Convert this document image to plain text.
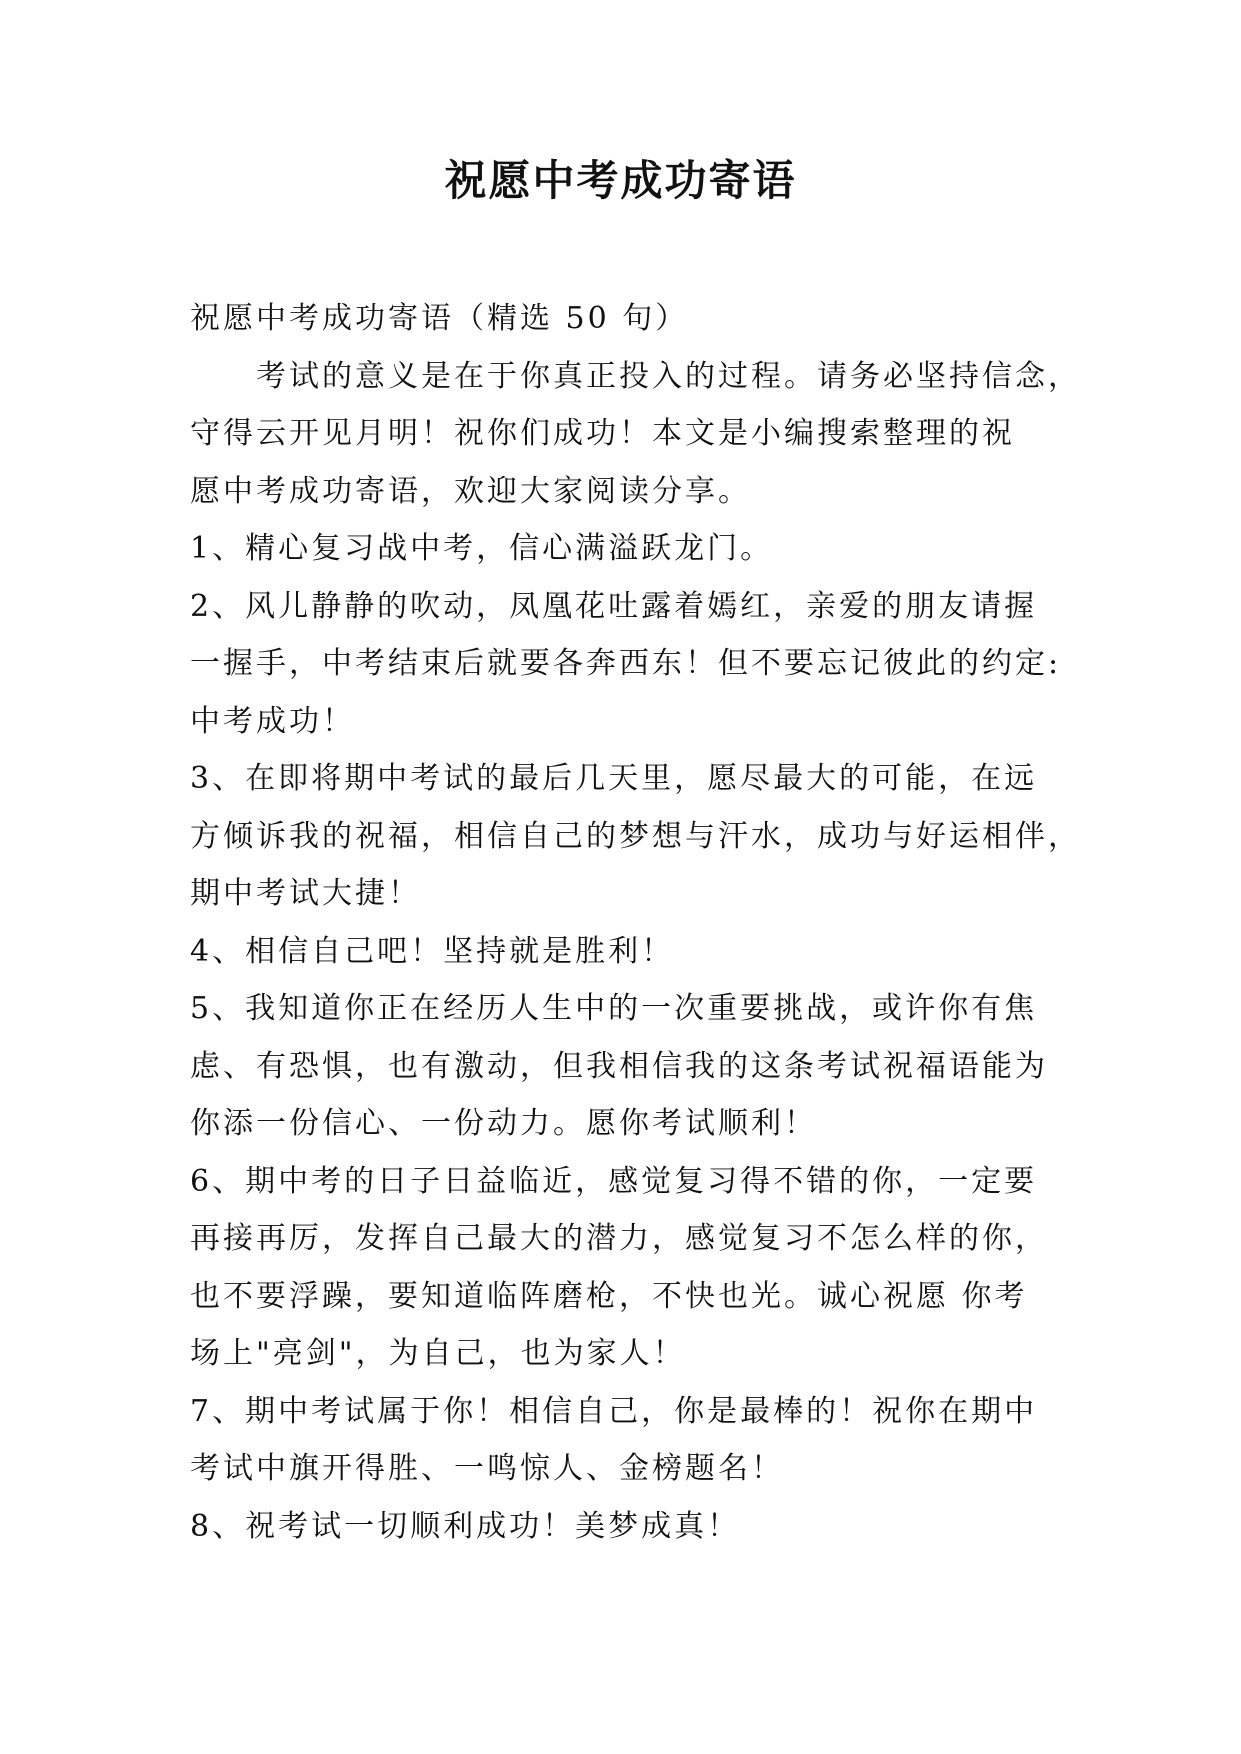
祝愿中考成功寄语

祝愿中考成功寄语（精选 50 句）

考试的意义是在于你真正投入的过程。请务必坚持信念，

守得云开见月明！祝你们成功！本文是小编搜索整理的祝

愿中考成功寄语，欢迎大家阅读分享。

1、精心复习战中考，信心满溢跃龙门。

2、风儿静静的吹动，凤凰花吐露着嫣红，亲爱的朋友请握

一握手，中考结束后就要各奔西东！但不要忘记彼此的约定:

中考成功！

3、在即将期中考试的最后几天里，愿尽最大的可能，在远

方倾诉我的祝福，相信自己的梦想与汗水，成功与好运相伴，

期中考试大捷！

4、相信自己吧！坚持就是胜利！

5、我知道你正在经历人生中的一次重要挑战，或许你有焦

虑、有恐惧，也有激动，但我相信我的这条考试祝福语能为

你添一份信心、一份动力。愿你考试顺利！

6、期中考的日子日益临近，感觉复习得不错的你，一定要

再接再厉，发挥自己最大的潜力，感觉复习不怎么样的你，

也不要浮躁，要知道临阵磨枪，不快也光。诚心祝愿 你考

场上"亮剑"，为自己，也为家人！

7、期中考试属于你！相信自己，你是最棒的！祝你在期中

考试中旗开得胜、一鸣惊人、金榜题名！

8、祝考试一切顺利成功！美梦成真！
